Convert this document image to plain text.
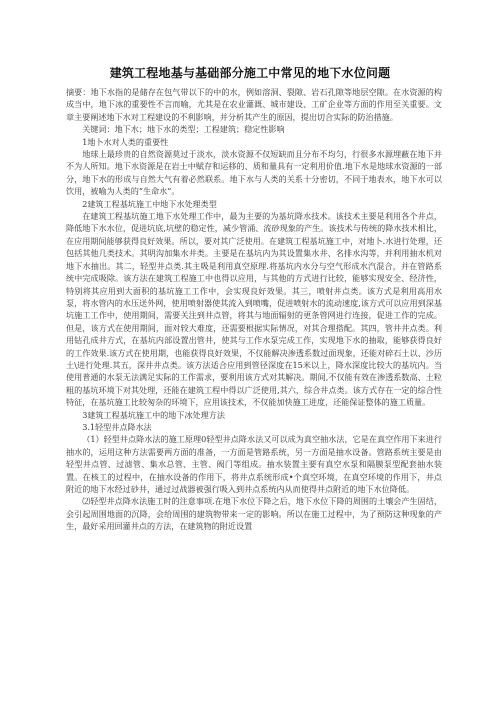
建筑工程地基与基础部分施工中常见的地下水位问题

摘要：地下水指的是储存在包气带以下的中的水，例如溶洞、裂隙、岩石孔隙等地层空隙。在水资源的构成当中，地下冰的重要性不言而喻，尤其是在农业灌溉、城市建设、工矿企业等方面的作用至关重要。文章主要阐述地下水对工程建设的不利影响，并分析其产生的原因，提出切合实际的防治措施。

关键词：地下水；地下水的类型；工程建筑；稳定性影响

1地卜水对人类的重要性

地球上最珍贵的自然资源莫过于淡水，淡水资源不仅短缺而且分布不均匀，行很多水源埋蔽在地下并不为人所知。地下水资源是在岩土中赋存和运移的、质和量具有一定利用价值.地下水是地球水资源的一部分，地下水的形成与自然大气有着必然联系。地下水与人类的关系十分密切，不同于地表水，地下水可以饮用，被喻为人类的“生命水”。

2建筑工程基坑施工中地下水处理类型

在建筑工程基坑施工地下水处理工作中，最为主要的为基坑降水技术。该技术主要是利用各个井点，降低地下水水位，促进坑底,坑壁的稳定性，减少管涌、流砂现象的产生。该技术与传统的降水技术相比，在应用期间能够获得良好效果。所以，要对其广泛使用。在建筑工程基坑施工中，对地卜.水进行处理，还包括其他几类技术。其明沟加集水井类。主要是在基坑内为其设置集水井、名排水沟等，并利用抽水机对地下水抽出。其二，轻型井点类.其主吸是利用真空原理.将基坑内水分与空气形成水汽混合，并在管路系统中完成吸除。该方法在建筑工程施工中也得以应用，与其他的方式进行比较，能够实现安全、经济性，特别将其应用到大面积的基坑施工工作中，会实现良好效果。其三，喷射井点类。该方式是利用高用水泵，将水管内的水压送外网，使用喷射器使其流入到喷嘴，促进喷射水的流动速度,该方式可以应用到深基坑施工工作中，使用期间，需要关注到井点管，将其与地面辐射的更条管网进行连接，促进工作的完成。但是，该方式在使用期间，面对较大难度，还需要根据实际情况，对其合理搭配。其四，管井井点类。利用钻孔成井方式，在基坑内部设置出管井，使其与工作水泵完成工作，实现地下水的抽取，能够获得良好的工作效果.该方式在使用期，也能获得良好效果，不仅能解决渗透系数过面现象，还能对碎石土以、沙历土\进行处理.其五，深井井点类。该方法适合应用到管径深度在15米以上，降水深度比较大的基坑内。当使用普通的水泵无法满足实际的工作需求，要利用该方式对其解决。期间,不仅能有效在渗透系数高、土粒粗的基坑环境下对其处理，还能在建筑工程中得以广泛使用,其六，综合井点类。该方式存在一定的综合性特征，在基坑施工比较匆杂的环境下，应用该技术，不仅能加快施工进度，还能保证整体的施工质量。

3建筑工程基坑施工中的地下冰处理方法

3.1轻型井点降水法

（1）轻型井点降水法的施工原理0轻型井点降水法又可以成为真空抽水法，它是在真空作用下来进行抽水的，运用这种方法需要两方面的准备，一方面是管路系统，另一方面是抽水设备。管路系统主要是由轻型井点管、过滤管、集水总管、主管、阀门等组成。抽水装置主要有真空水泵和隔膜泵型配套抽水装置。在核工的过程中，在抽水设备的作用下，将井点系统形成•个真空环境，在真空环境的作用下，井点附近的地下水经过砂井，通过过战器被强行吸入到井点系统内从而使得井点附近的地下水位降低。

⑵轻型井点降水法施工时的注意事项.在地下水位下降之后，地下水位下降的周围的土壤会产生固结，会引起周围地面的沉降，会给周围的建筑物带来一定的影响。所以在施工过程中，为了预防这种现象的产生，最好采用回灌井点的方法，在建筑物的附近设置
